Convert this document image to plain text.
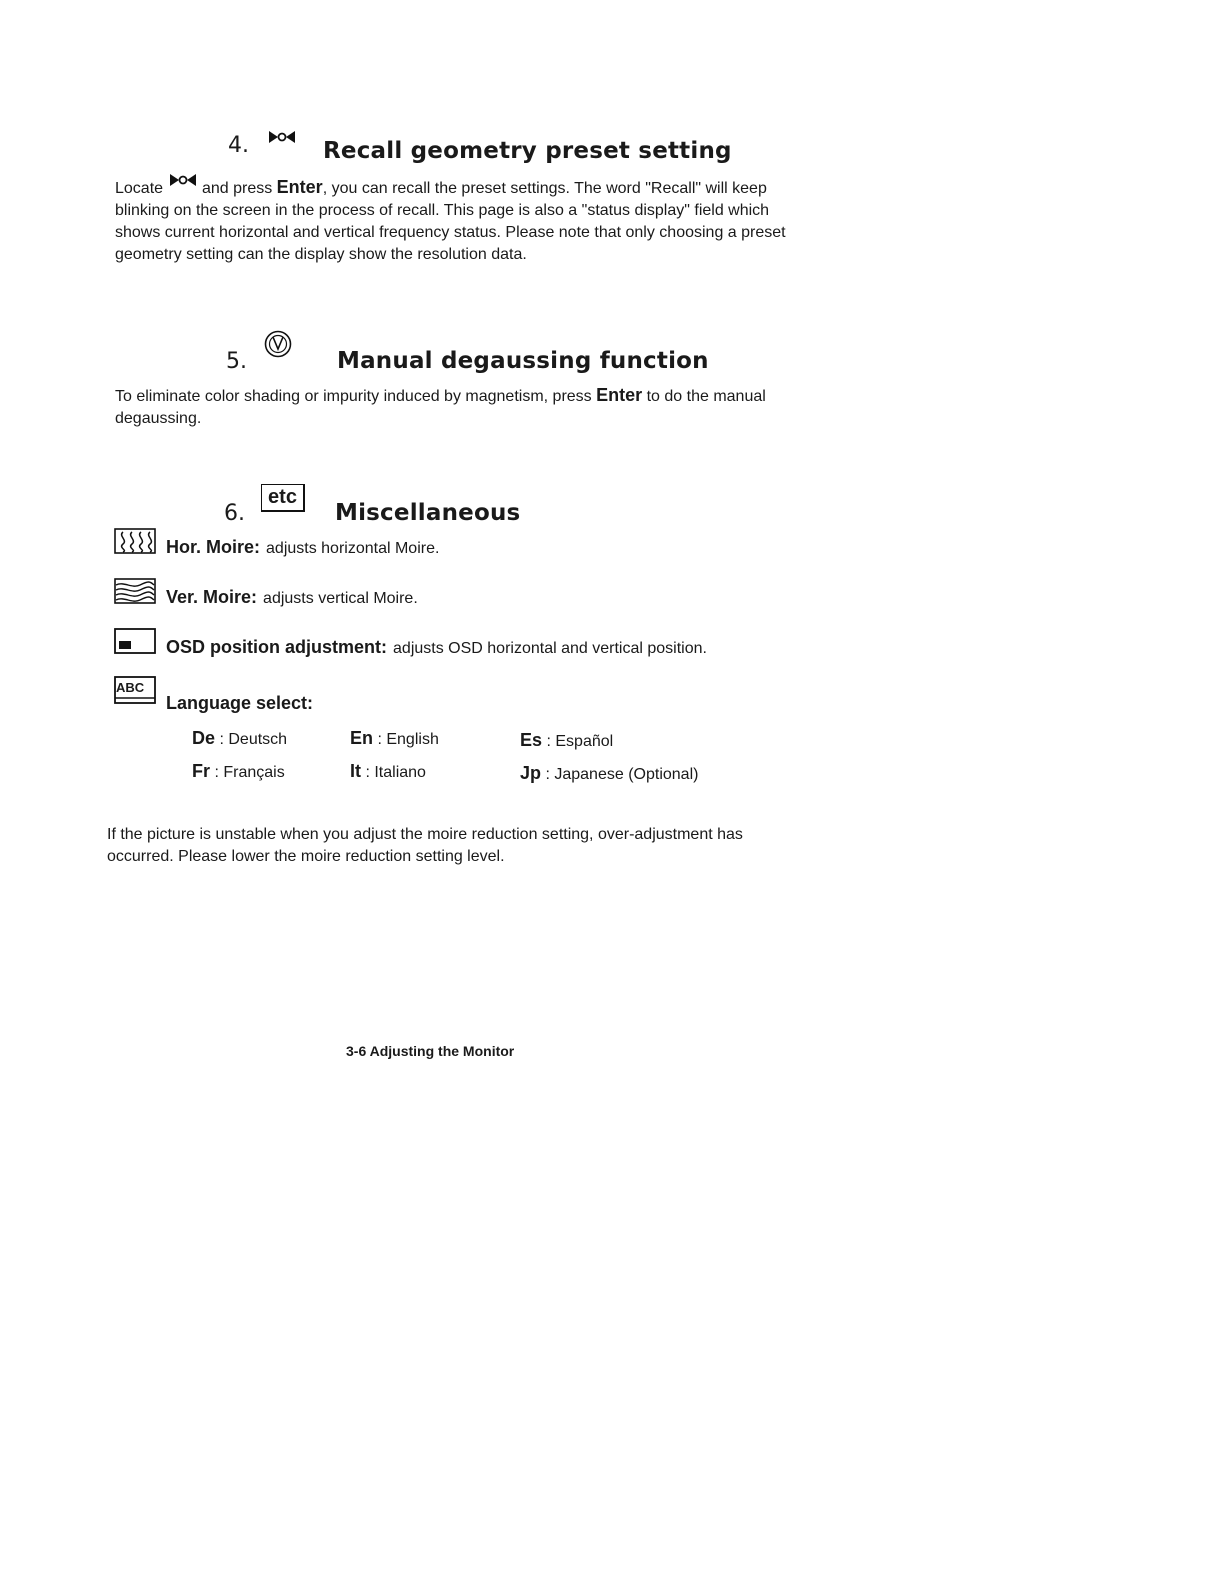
4.	Recall geometry preset setting
Locate and press Enter, you can recall the preset settings. The word "Recall" will keep blinking on the screen in the process of recall. This page is also a "status display" field which shows current horizontal and vertical frequency status. Please note that only choosing a preset geometry setting can the display show the resolution data.
5.	Manual degaussing function
To eliminate color shading or impurity induced by magnetism, press Enter to do the manual degaussing.
6.
etc
Miscellaneous
Hor. Moire: adjusts horizontal Moire.
Ver. Moire: adjusts vertical Moire.
OSD position adjustment: adjusts OSD horizontal and vertical position.
ABC
Language select:
De : Deutsch	En : English	Es : Español
Fr : Français	It : Italiano	Jp : Japanese (Optional)
If the picture is unstable when you adjust the moire reduction setting, over-adjustment has occurred. Please lower the moire reduction setting level.
3-6 Adjusting the Monitor
